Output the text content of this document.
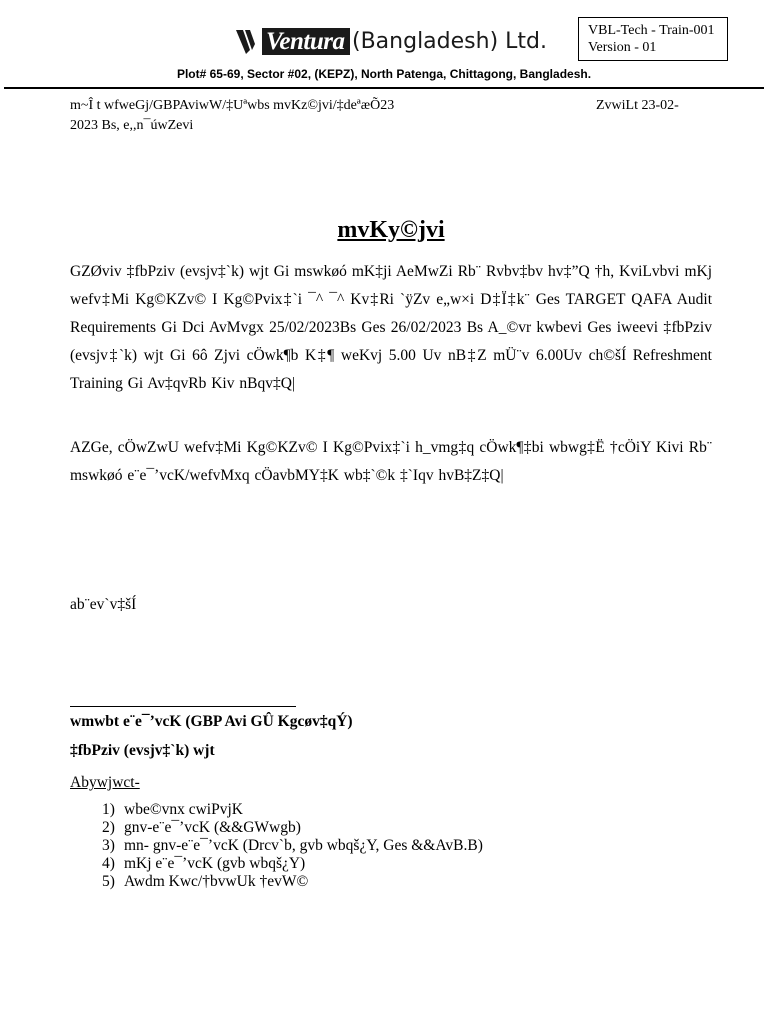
Ventura (Bangladesh) Ltd.	VBL-Tech - Train-001
Version - 01
Plot# 65-69, Sector #02, (KEPZ), North Patenga, Chittagong, Bangladesh.
m~Î t wfweGj/GBPAviwW/‡Uªwbs mvKz©jvi/‡deªæÕ23	ZvwiLt 23-02-
2023 Bs, e,,n¯úwZevi
mvKy©jvi
GZØviv ‡fbPziv (evsjv‡`k) wjt Gi mswkøó mK‡ji AeMwZi Rb¨ Rvbv‡bv hv‡”Q †h, KviLvbvi mKj wefv‡Mi Kg©KZv© I Kg©Pvix‡`i ¯^ ¯^ Kv‡Ri `ÿZv e„w×i D‡Ï‡k¨ Ges TARGET QAFA Audit Requirements Gi Dci AvMvgx 25/02/2023Bs Ges 26/02/2023 Bs A_©vr kwbevi Ges iweevi ‡fbPziv (evsjv‡`k) wjt Gi 6ô Zjvi cÖwk¶b K‡¶ weKvj 5.00 Uv nB‡Z mÜ¨v 6.00Uv ch©šÍ Refreshment Training Gi Av‡qvRb Kiv nBqv‡Q|
AZGe, cÖwZwU wefv‡Mi Kg©KZv© I Kg©Pvix‡`i h_vmg‡q cÖwk¶‡bi wbwg‡Ë †cÖiY Kivi Rb¨ mswkøó e¨e¯’vcK/wefvMxq cÖavbMY‡K wb‡`©k ‡`Iqv hvB‡Z‡Q|
ab¨ev`v‡šÍ
wmwbt e¨e¯’vcK (GBP Avi GÛ Kgcøv‡qÝ)
‡fbPziv (evsjv‡`k) wjt
Abywjwct-
1) wbe©vnx cwiPvjK
2) gnv-e¨e¯’vcK (&&GWwgb)
3) mn- gnv-e¨e¯’vcK (Drcv`b, gvb wbqš¿Y, Ges &&AvB.B)
4) mKj e¨e¯’vcK (gvb wbqš¿Y)
5) Awdm Kwc/†bvwUk †evW©
